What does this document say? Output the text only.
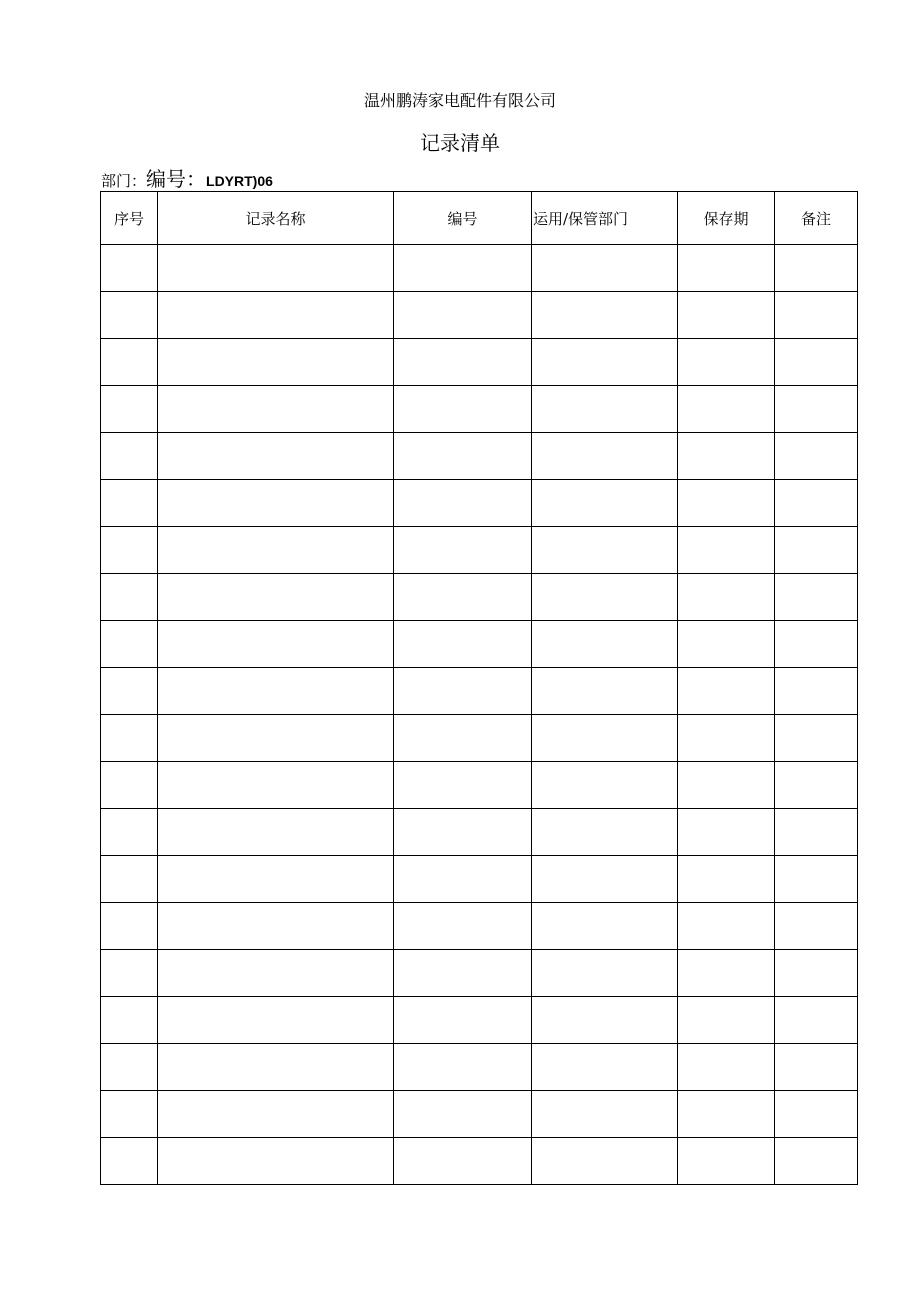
温州鹏涛家电配件有限公司
记录清单
部门：编号：LDYRT)06
序号	记录名称	编号	运用/保管部门	保存期	备注
